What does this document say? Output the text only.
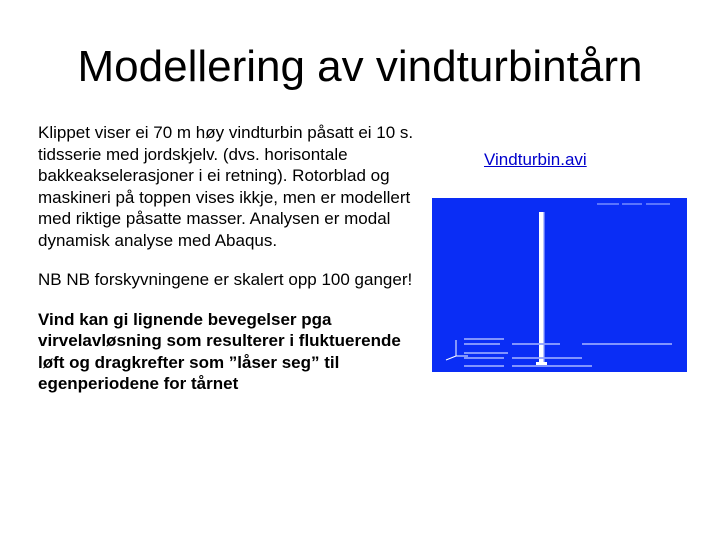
Modellering av vindturbintårn

Klippet viser ei 70 m høy vindturbin påsatt ei 10 s. tidsserie med jordskjelv. (dvs. horisontale bakkeakselerasjoner i ei retning). Rotorblad og maskineri på toppen vises ikkje, men er modellert med riktige påsatte masser. Analysen er modal dynamisk analyse med Abaqus.

NB NB forskyvningene er skalert opp 100 ganger!

Vind kan gi lignende bevegelser pga virvelavløsning som resulterer i fluktuerende løft og dragkrefter som ”låser seg” til egenperiodene for tårnet

Vindturbin.avi
